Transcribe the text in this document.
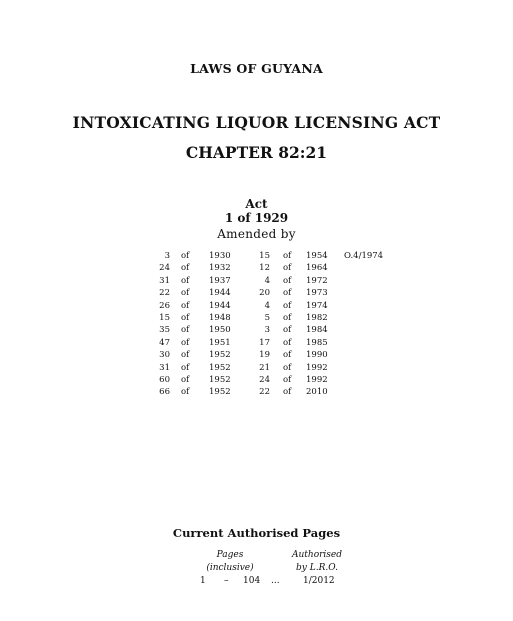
LAWS OF GUYANA
INTOXICATING LIQUOR LICENSING ACT
CHAPTER 82:21
Act
1 of 1929
Amended by
3 of 1930	15 of 1954 O.4/1974
24 of 1932	12 of 1964
31 of 1937	4 of 1972
22 of 1944	20 of 1973
26 of 1944	4 of 1974
15 of 1948	5 of 1982
35 of 1950	3 of 1984
47 of 1951	17 of 1985
30 of 1952	19 of 1990
31 of 1952	21 of 1992
60 of 1952	24 of 1992
66 of 1952	22 of 2010
Current Authorised Pages
Pages
(inclusive)
Authorised
by L.R.O.
1 – 104 ...	1/2012
